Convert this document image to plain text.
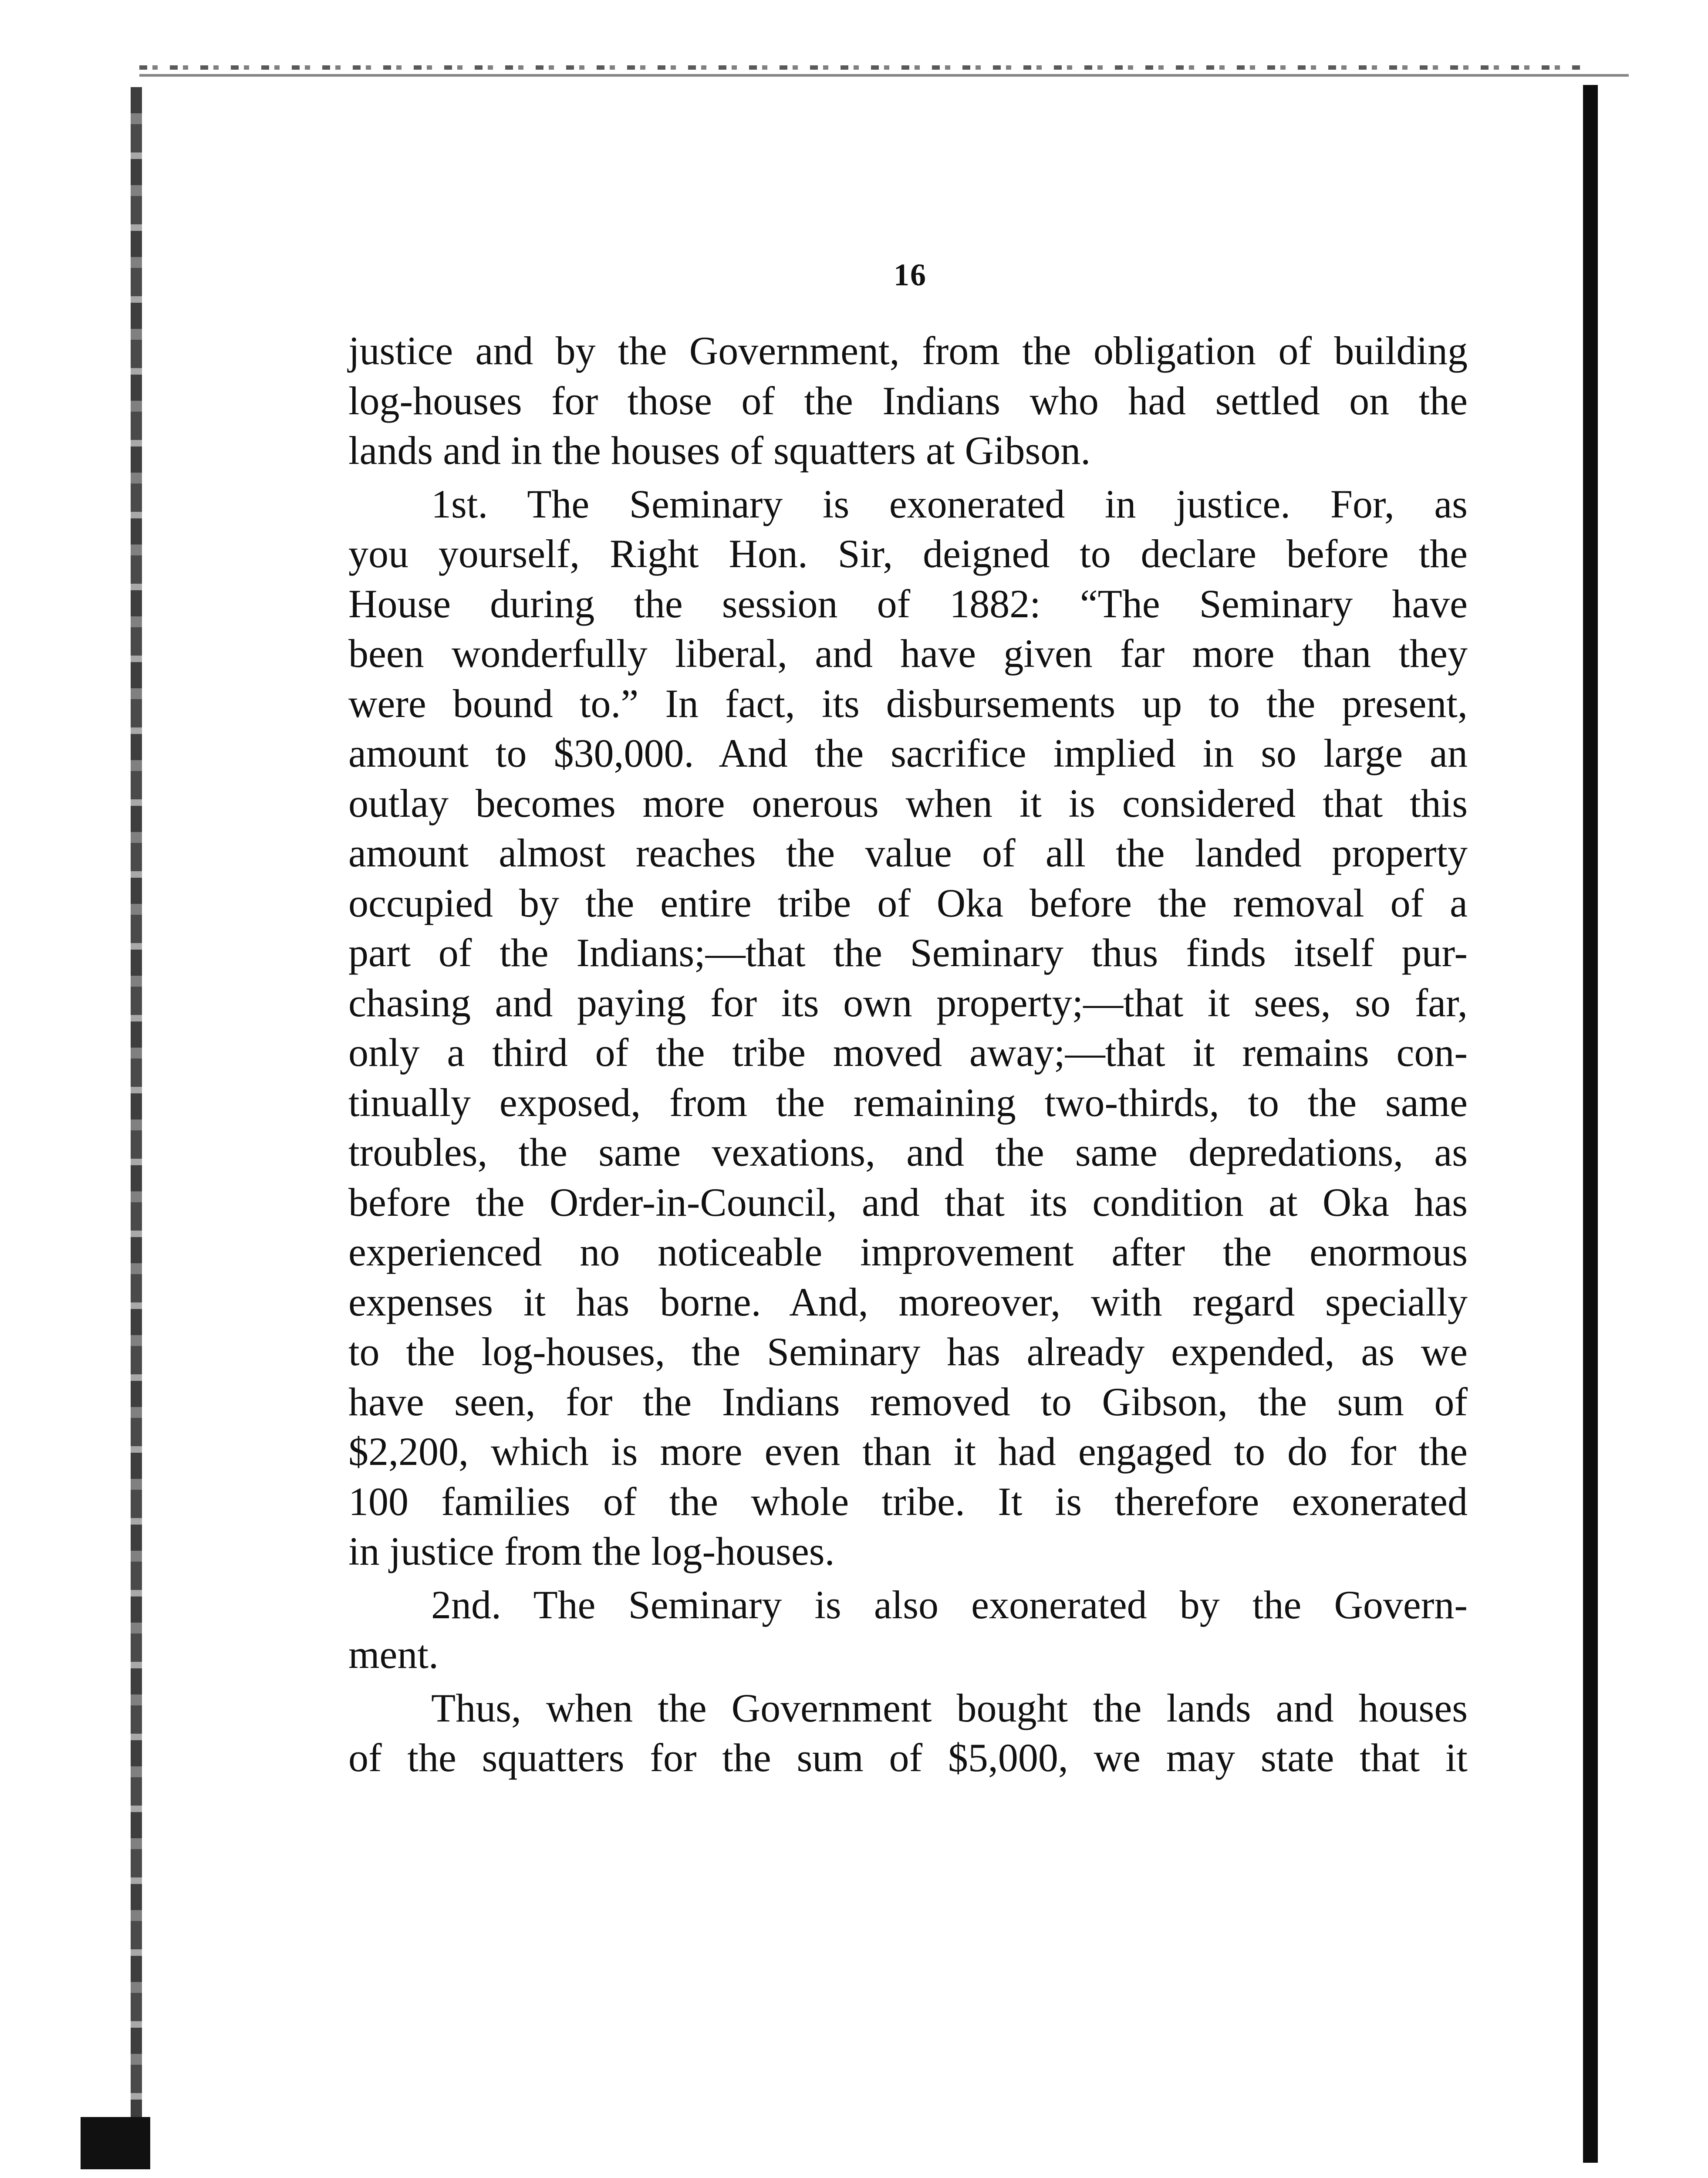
16
justice and by the Government, from the obligation of building
log-houses for those of the Indians who had settled on the
lands and in the houses of squatters at Gibson.
1st. The Seminary is exonerated in justice. For, as
you yourself, Right Hon. Sir, deigned to declare before the
House during the session of 1882: “The Seminary have
been wonderfully liberal, and have given far more than they
were bound to.” In fact, its disbursements up to the present,
amount to $30,000. And the sacrifice implied in so large an
outlay becomes more onerous when it is considered that this
amount almost reaches the value of all the landed property
occupied by the entire tribe of Oka before the removal of a
part of the Indians;—that the Seminary thus finds itself pur-
chasing and paying for its own property;—that it sees, so far,
only a third of the tribe moved away;—that it remains con-
tinually exposed, from the remaining two-thirds, to the same
troubles, the same vexations, and the same depredations, as
before the Order-in-Council, and that its condition at Oka has
experienced no noticeable improvement after the enormous
expenses it has borne. And, moreover, with regard specially
to the log-houses, the Seminary has already expended, as we
have seen, for the Indians removed to Gibson, the sum of
$2,200, which is more even than it had engaged to do for the
100 families of the whole tribe. It is therefore exonerated
in justice from the log-houses.
2nd. The Seminary is also exonerated by the Govern-
ment.
Thus, when the Government bought the lands and houses
of the squatters for the sum of $5,000, we may state that it
